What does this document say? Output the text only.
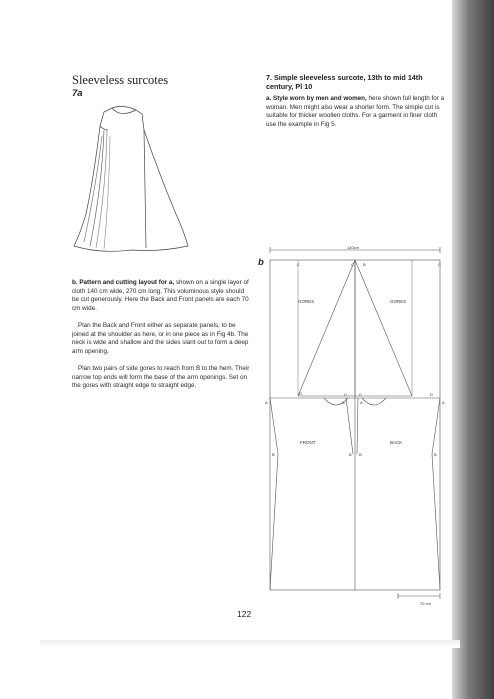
Sleeveless surcotes
7a
7. Simple sleeveless surcote, 13th to mid 14th century, Pl 10
a. Style worn by men and women, here shown full length for a woman. Men might also wear a shorter form. The simple cut is suitable for thicker woollen cloths. For a garment in finer cloth use the example in Fig 5.
b. Pattern and cutting layout for a, shown on a single layer of cloth 140 cm wide, 270 cm long. This voluminous style should be cut generously. Here the Back and Front panels are each 70 cm wide.
Plan the Back and Front either as separate panels, to be joined at the shoulder as here, or in one piece as in Fig 4b. The neck is wide and shallow and the sides slant out to form a deep arm opening.
Plan two pairs of side gores to reach from B to the hem. Their narrow top ends will form the base of the arm openings. Set on the gores with straight edge to straight edge.
b
140cm
GORES	GORES
FRONT	BACK
C	C B	C
D	C	C	D
A	A	A	A
B	B B	B
70 cm
122
